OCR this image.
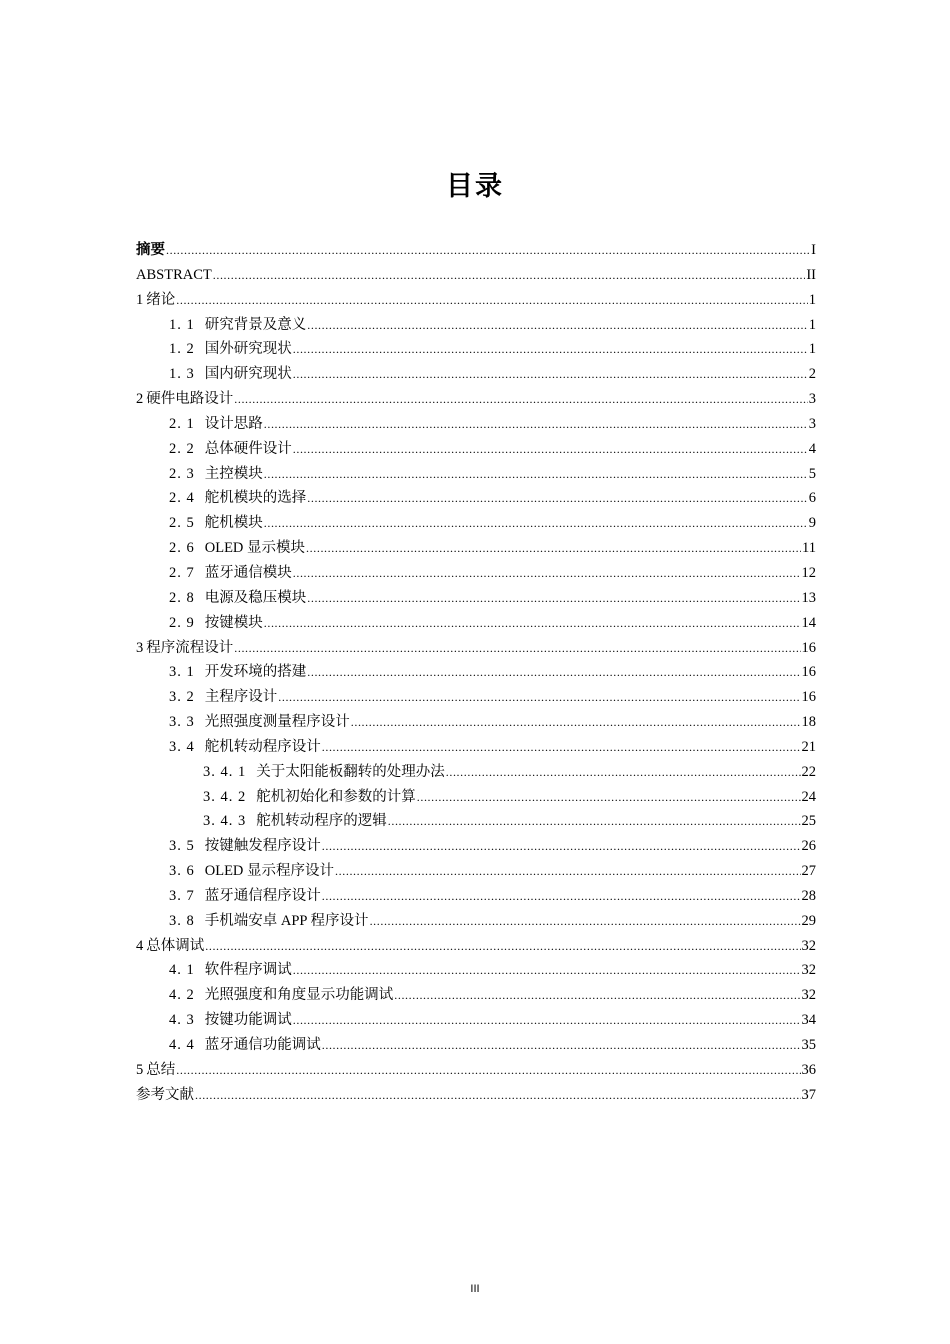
目录
摘要 .....	I
ABSTRACT .....	II
1 绪论 .....	1
1. 1 研究背景及意义 .....	1
1. 2 国外研究现状 .....	1
1. 3 国内研究现状 .....	2
2 硬件电路设计 .....	3
2. 1 设计思路 .....	3
2. 2 总体硬件设计 .....	4
2. 3 主控模块 .....	5
2. 4 舵机模块的选择 .....	6
2. 5 舵机模块 .....	9
2. 6 OLED 显示模块 .....	11
2. 7 蓝牙通信模块 .....	12
2. 8 电源及稳压模块 .....	13
2. 9 按键模块 .....	14
3 程序流程设计 .....	16
3. 1 开发环境的搭建 .....	16
3. 2 主程序设计 .....	16
3. 3 光照强度测量程序设计 .....	18
3. 4 舵机转动程序设计 .....	21
3. 4. 1 关于太阳能板翻转的处理办法 .....	22
3. 4. 2 舵机初始化和参数的计算 .....	24
3. 4. 3 舵机转动程序的逻辑 .....	25
3. 5 按键触发程序设计 .....	26
3. 6 OLED 显示程序设计 .....	27
3. 7 蓝牙通信程序设计 .....	28
3. 8 手机端安卓 APP 程序设计 .....	29
4 总体调试 .....	32
4. 1 软件程序调试 .....	32
4. 2 光照强度和角度显示功能调试 .....	32
4. 3 按键功能调试 .....	34
4. 4 蓝牙通信功能调试 .....	35
5 总结 .....	36
参考文献 .....	37
III
